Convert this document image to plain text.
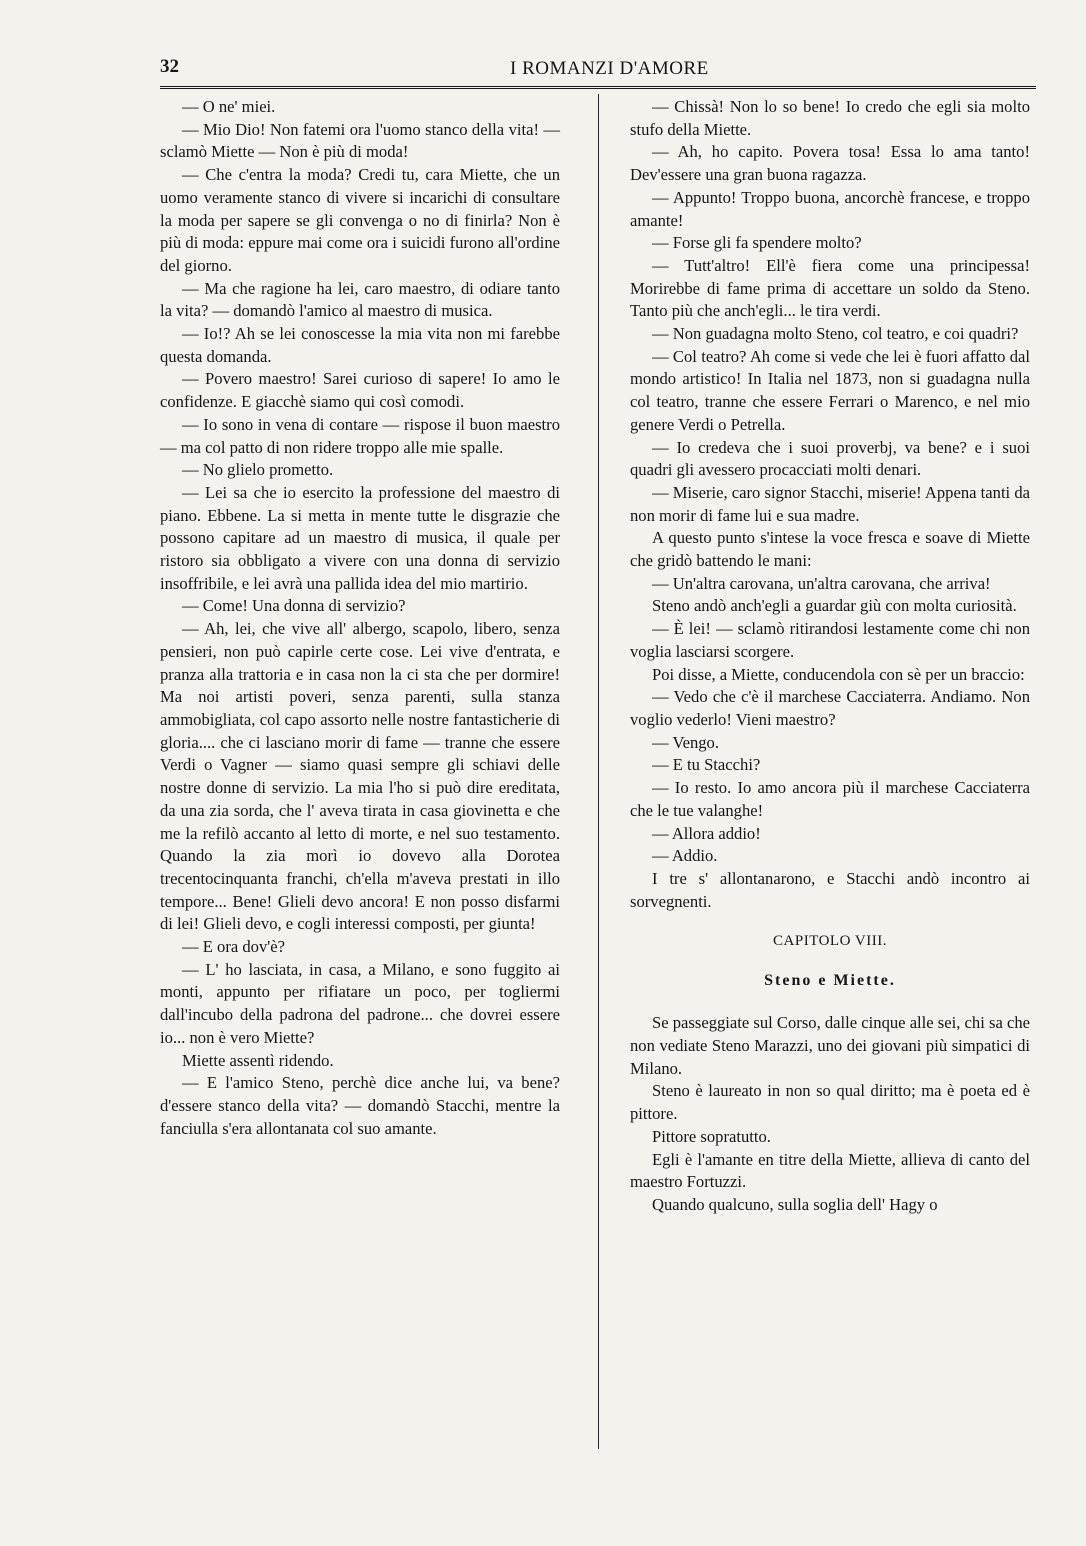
32	I ROMANZI D'AMORE

— O ne' miei.

— Mio Dio! Non fatemi ora l'uomo stanco della vita! — sclamò Miette — Non è più di moda!

— Che c'entra la moda? Credi tu, cara Miette, che un uomo veramente stanco di vivere si incarichi di consultare la moda per sapere se gli convenga o no di finirla? Non è più di moda: eppure mai come ora i suicidi furono all'ordine del giorno.

— Ma che ragione ha lei, caro maestro, di odiare tanto la vita? — domandò l'amico al maestro di musica.

— Io!? Ah se lei conoscesse la mia vita non mi farebbe questa domanda.

— Povero maestro! Sarei curioso di sapere! Io amo le confidenze. E giacchè siamo qui così comodi.

— Io sono in vena di contare — rispose il buon maestro — ma col patto di non ridere troppo alle mie spalle.

— No glielo prometto.

— Lei sa che io esercito la professione del maestro di piano. Ebbene. La si metta in mente tutte le disgrazie che possono capitare ad un maestro di musica, il quale per ristoro sia obbligato a vivere con una donna di servizio insoffribile, e lei avrà una pallida idea del mio martirio.

— Come! Una donna di servizio?

— Ah, lei, che vive all' albergo, scapolo, libero, senza pensieri, non può capirle certe cose. Lei vive d'entrata, e pranza alla trattoria e in casa non la ci sta che per dormire! Ma noi artisti poveri, senza parenti, sulla stanza ammobigliata, col capo assorto nelle nostre fantasticherie di gloria.... che ci lasciano morir di fame — tranne che essere Verdi o Vagner — siamo quasi sempre gli schiavi delle nostre donne di servizio. La mia l'ho si può dire ereditata, da una zia sorda, che l' aveva tirata in casa giovinetta e che me la refilò accanto al letto di morte, e nel suo testamento. Quando la zia morì io dovevo alla Dorotea trecentocinquanta franchi, ch'ella m'aveva prestati in illo tempore... Bene! Glieli devo ancora! E non posso disfarmi di lei! Glieli devo, e cogli interessi composti, per giunta!

— E ora dov'è?

— L' ho lasciata, in casa, a Milano, e sono fuggito ai monti, appunto per rifiatare un poco, per togliermi dall'incubo della padrona del padrone... che dovrei essere io... non è vero Miette?

Miette assentì ridendo.

— E l'amico Steno, perchè dice anche lui, va bene? d'essere stanco della vita? — domandò Stacchi, mentre la fanciulla s'era allontanata col suo amante.

— Chissà! Non lo so bene! Io credo che egli sia molto stufo della Miette.

— Ah, ho capito. Povera tosa! Essa lo ama tanto! Dev'essere una gran buona ragazza.

— Appunto! Troppo buona, ancorchè francese, e troppo amante!

— Forse gli fa spendere molto?

— Tutt'altro! Ell'è fiera come una principessa! Morirebbe di fame prima di accettare un soldo da Steno. Tanto più che anch'egli... le tira verdi.

— Non guadagna molto Steno, col teatro, e coi quadri?

— Col teatro? Ah come si vede che lei è fuori affatto dal mondo artistico! In Italia nel 1873, non si guadagna nulla col teatro, tranne che essere Ferrari o Marenco, e nel mio genere Verdi o Petrella.

— Io credeva che i suoi proverbj, va bene? e i suoi quadri gli avessero procacciati molti denari.

— Miserie, caro signor Stacchi, miserie! Appena tanti da non morir di fame lui e sua madre.

A questo punto s'intese la voce fresca e soave di Miette che gridò battendo le mani:

— Un'altra carovana, un'altra carovana, che arriva!

Steno andò anch'egli a guardar giù con molta curiosità.

— È lei! — sclamò ritirandosi lestamente come chi non voglia lasciarsi scorgere.

Poi disse, a Miette, conducendola con sè per un braccio:

— Vedo che c'è il marchese Cacciaterra. Andiamo. Non voglio vederlo! Vieni maestro?

— Vengo.

— E tu Stacchi?

— Io resto. Io amo ancora più il marchese Cacciaterra che le tue valanghe!

— Allora addio!

— Addio.

I tre s' allontanarono, e Stacchi andò incontro ai sorvegnenti.

CAPITOLO VIII.
Steno e Miette.

Se passeggiate sul Corso, dalle cinque alle sei, chi sa che non vediate Steno Marazzi, uno dei giovani più simpatici di Milano.

Steno è laureato in non so qual diritto; ma è poeta ed è pittore.

Pittore sopratutto.

Egli è l'amante en titre della Miette, allieva di canto del maestro Fortuzzi.

Quando qualcuno, sulla soglia dell' Hagy o
